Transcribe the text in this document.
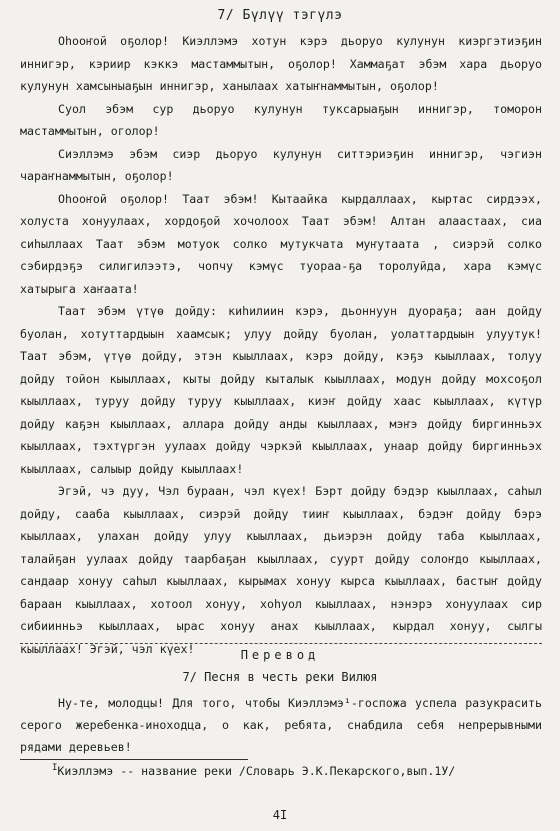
7/ Бүлүү тэгүлэ

Оһооҥой оҕолор! Киэллэмэ хотун кэрэ дьоруо кулунун киэргэтиэҕин иннигэр, кэрииp кэккэ мастаммытын, оҕолор! Хаммаҕат эбэм хара дьоруо кулунун хамсыныаҕын иннигэр, ханылаах хатыҥнаммытын, оҕолор!

Суол эбэм сур дьоруо кулунун туксарыаҕын иннигэр, томорон мастаммытын, оголор!

Сиэллэмэ эбэм сиэр дьоруо кулунун ситтэриэҕин иннигэр, чэгиэн чараҥнаммытын, оҕолор!

Оһооҥой оҕолор! Таат эбэм! Кытаайка кырдаллаах, кыртас сирдээх, холуста хонуулаах, хордоҕой хочолоох Таат эбэм! Алтан алаастаах, сиа сиһыллаах Таат эбэм мотуок солко мутукчата муҥутаата , сиэрэй солко сэбирдэҕэ силигилээтэ, чопчу кэмүс туораа-ҕа торолуйда, хара кэмүс хатырыга хаҥаата!

Таат эбэм үтүө дойду: киһилиин кэрэ, дьоннуун дуораҕа; аан дойду буолан, хотуттардыын хаамсык; улуу дойду буолан, уолаттардыын улуутук! Таат эбэм, үтүө дойду, этэн кыыллаах, кэрэ дойду, кэҕэ кыыллаах, толуу дойду тойон кыыллаах, кыты дойду кыталык кыыллаах, модун дойду мохсоҕол кыыллаах, туруу дойду туруу кыыллаах, киэҥ дойду хаас кыыллаах, күтүр дойду каҕэн кыыллаах, аллара дойду анды кыыллаах, мэҥэ дойду биргинньэх кыыллаах, тэхтүргэн уулаах дойду чэркэй кыыллаах, унаар дойду биргинньэх кыыллаах, салыыр дойду кыыллаах!

Эгэй, чэ дуу, Чэл бураан, чэл күех! Бэрт дойду бэдэр кыыллаах, саһыл дойду, сааба кыыллаах, сиэрэй дойду тииҥ кыыллаах, бэдэҥ дойду бэрэ кыыллаах, улахан дойду улуу кыыллаах, дьиэрэн дойду таба кыыллаах, талайҕан уулаах дойду таарбаҕан кыыллаах, суурт дойду солоҥдо кыыллаах, сандаар хонуу саһыл кыыллаах, кырымах хонуу кырса кыыллаах, бастыҥ дойду бараан кыыллаах, хотоол хонуу, хоһуол кыыллаах, нэнэрэ хонуулаах сир сибиинньэ кыыллаах, ырас хонуу анах кыыллаах, кырдал хонуу, сылгы кыыллаах! Эгэй, чэл күех!	Перевод
7/ Песня в честь реки Вилюя

Ну-те, молодцы! Для того, чтобы Киэллэмэ¹-госпожа успела разукрасить серого жеребенка-иноходца, о как, ребята, снабдила себя непрерывными рядами деревьев!

$^I$Киэллэмэ -- название реки /Словарь Э.К.Пекарского,вып.1У/
4I
